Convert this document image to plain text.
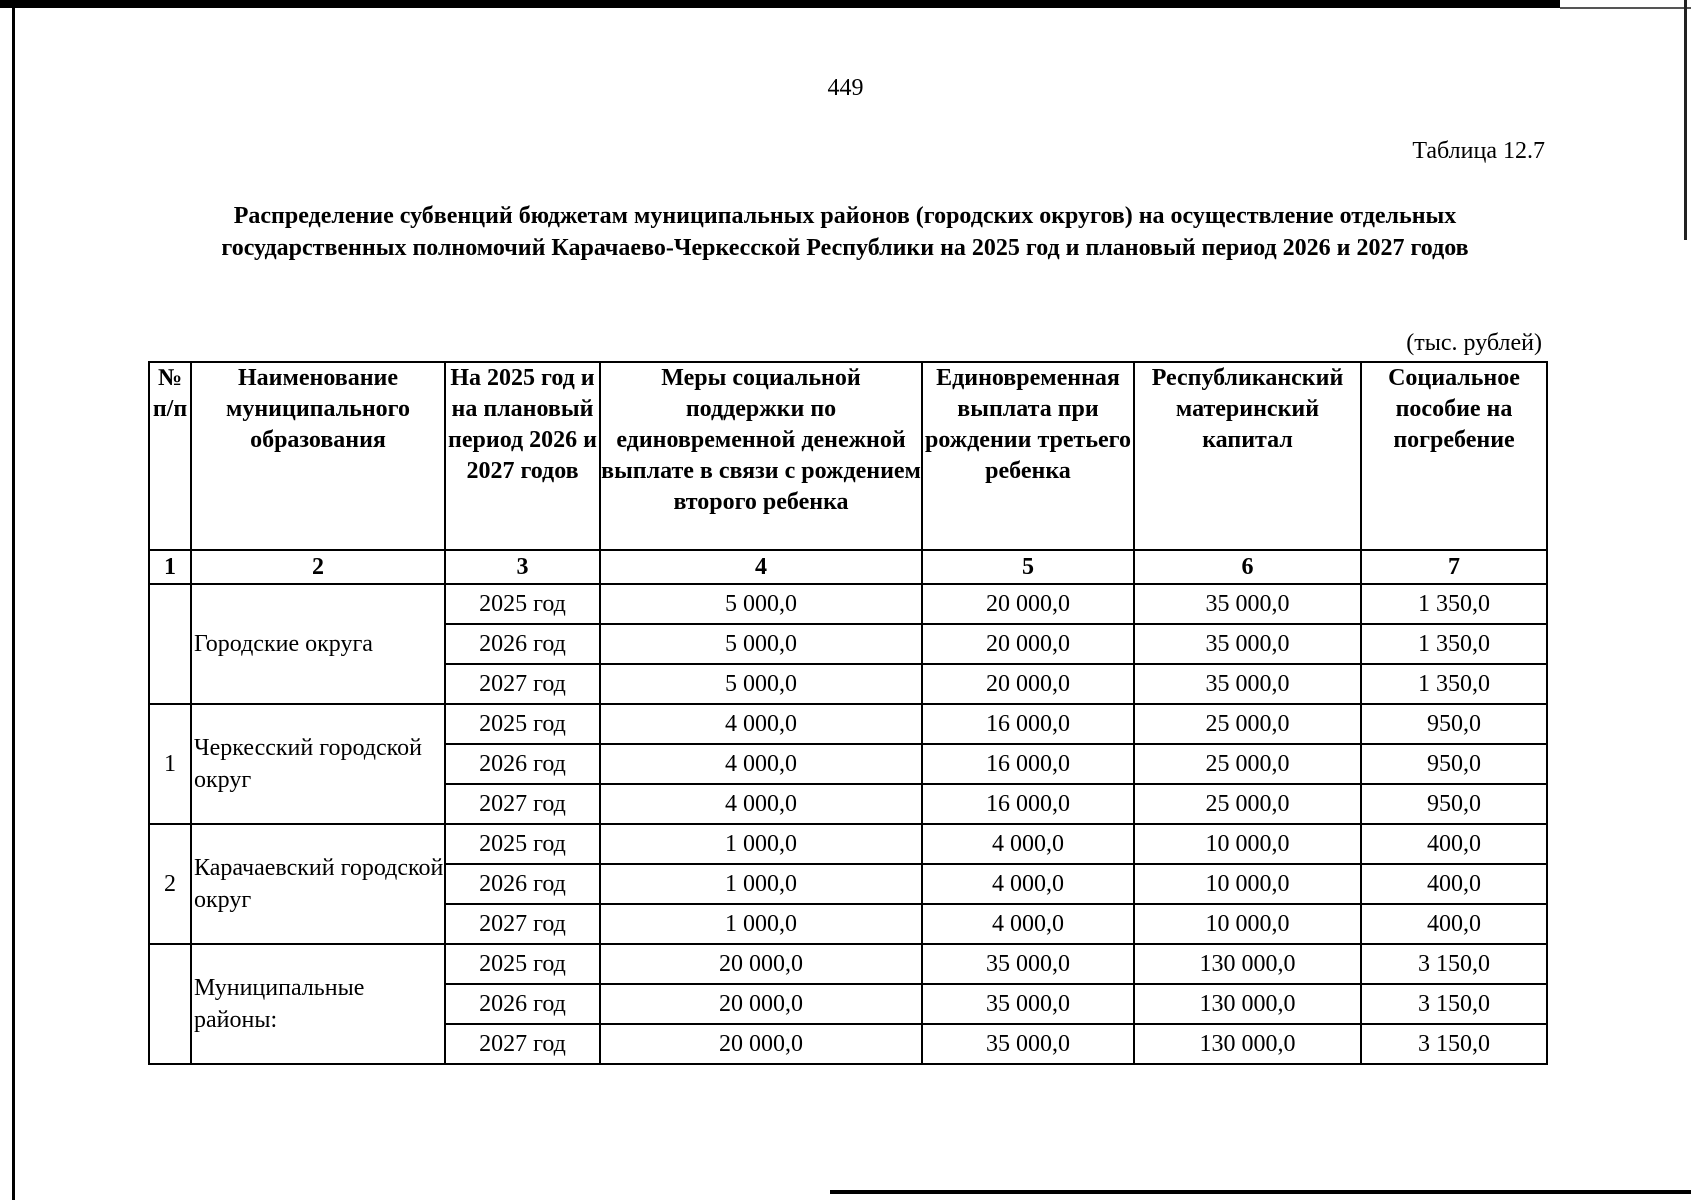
449
Таблица 12.7
Распределение субвенций бюджетам муниципальных районов (городских округов) на осуществление отдельных государственных полномочий Карачаево-Черкесской Республики на 2025 год и плановый период 2026 и 2027 годов
(тыс. рублей)
№ п/п	Наименование муниципального образования	На 2025 год и на плановый период 2026 и 2027 годов	Меры социальной поддержки по единовременной денежной выплате в связи с рождением второго ребенка	Единовременная выплата при рождении третьего ребенка	Республиканский материнский капитал	Социальное пособие на погребение
1	2	3	4	5	6	7
	Городские округа	2025 год	5 000,0	20 000,0	35 000,0	1 350,0
		2026 год	5 000,0	20 000,0	35 000,0	1 350,0
		2027 год	5 000,0	20 000,0	35 000,0	1 350,0
1	Черкесский городской округ	2025 год	4 000,0	16 000,0	25 000,0	950,0
		2026 год	4 000,0	16 000,0	25 000,0	950,0
		2027 год	4 000,0	16 000,0	25 000,0	950,0
2	Карачаевский городской округ	2025 год	1 000,0	4 000,0	10 000,0	400,0
		2026 год	1 000,0	4 000,0	10 000,0	400,0
		2027 год	1 000,0	4 000,0	10 000,0	400,0
	Муниципальные районы:	2025 год	20 000,0	35 000,0	130 000,0	3 150,0
		2026 год	20 000,0	35 000,0	130 000,0	3 150,0
		2027 год	20 000,0	35 000,0	130 000,0	3 150,0
